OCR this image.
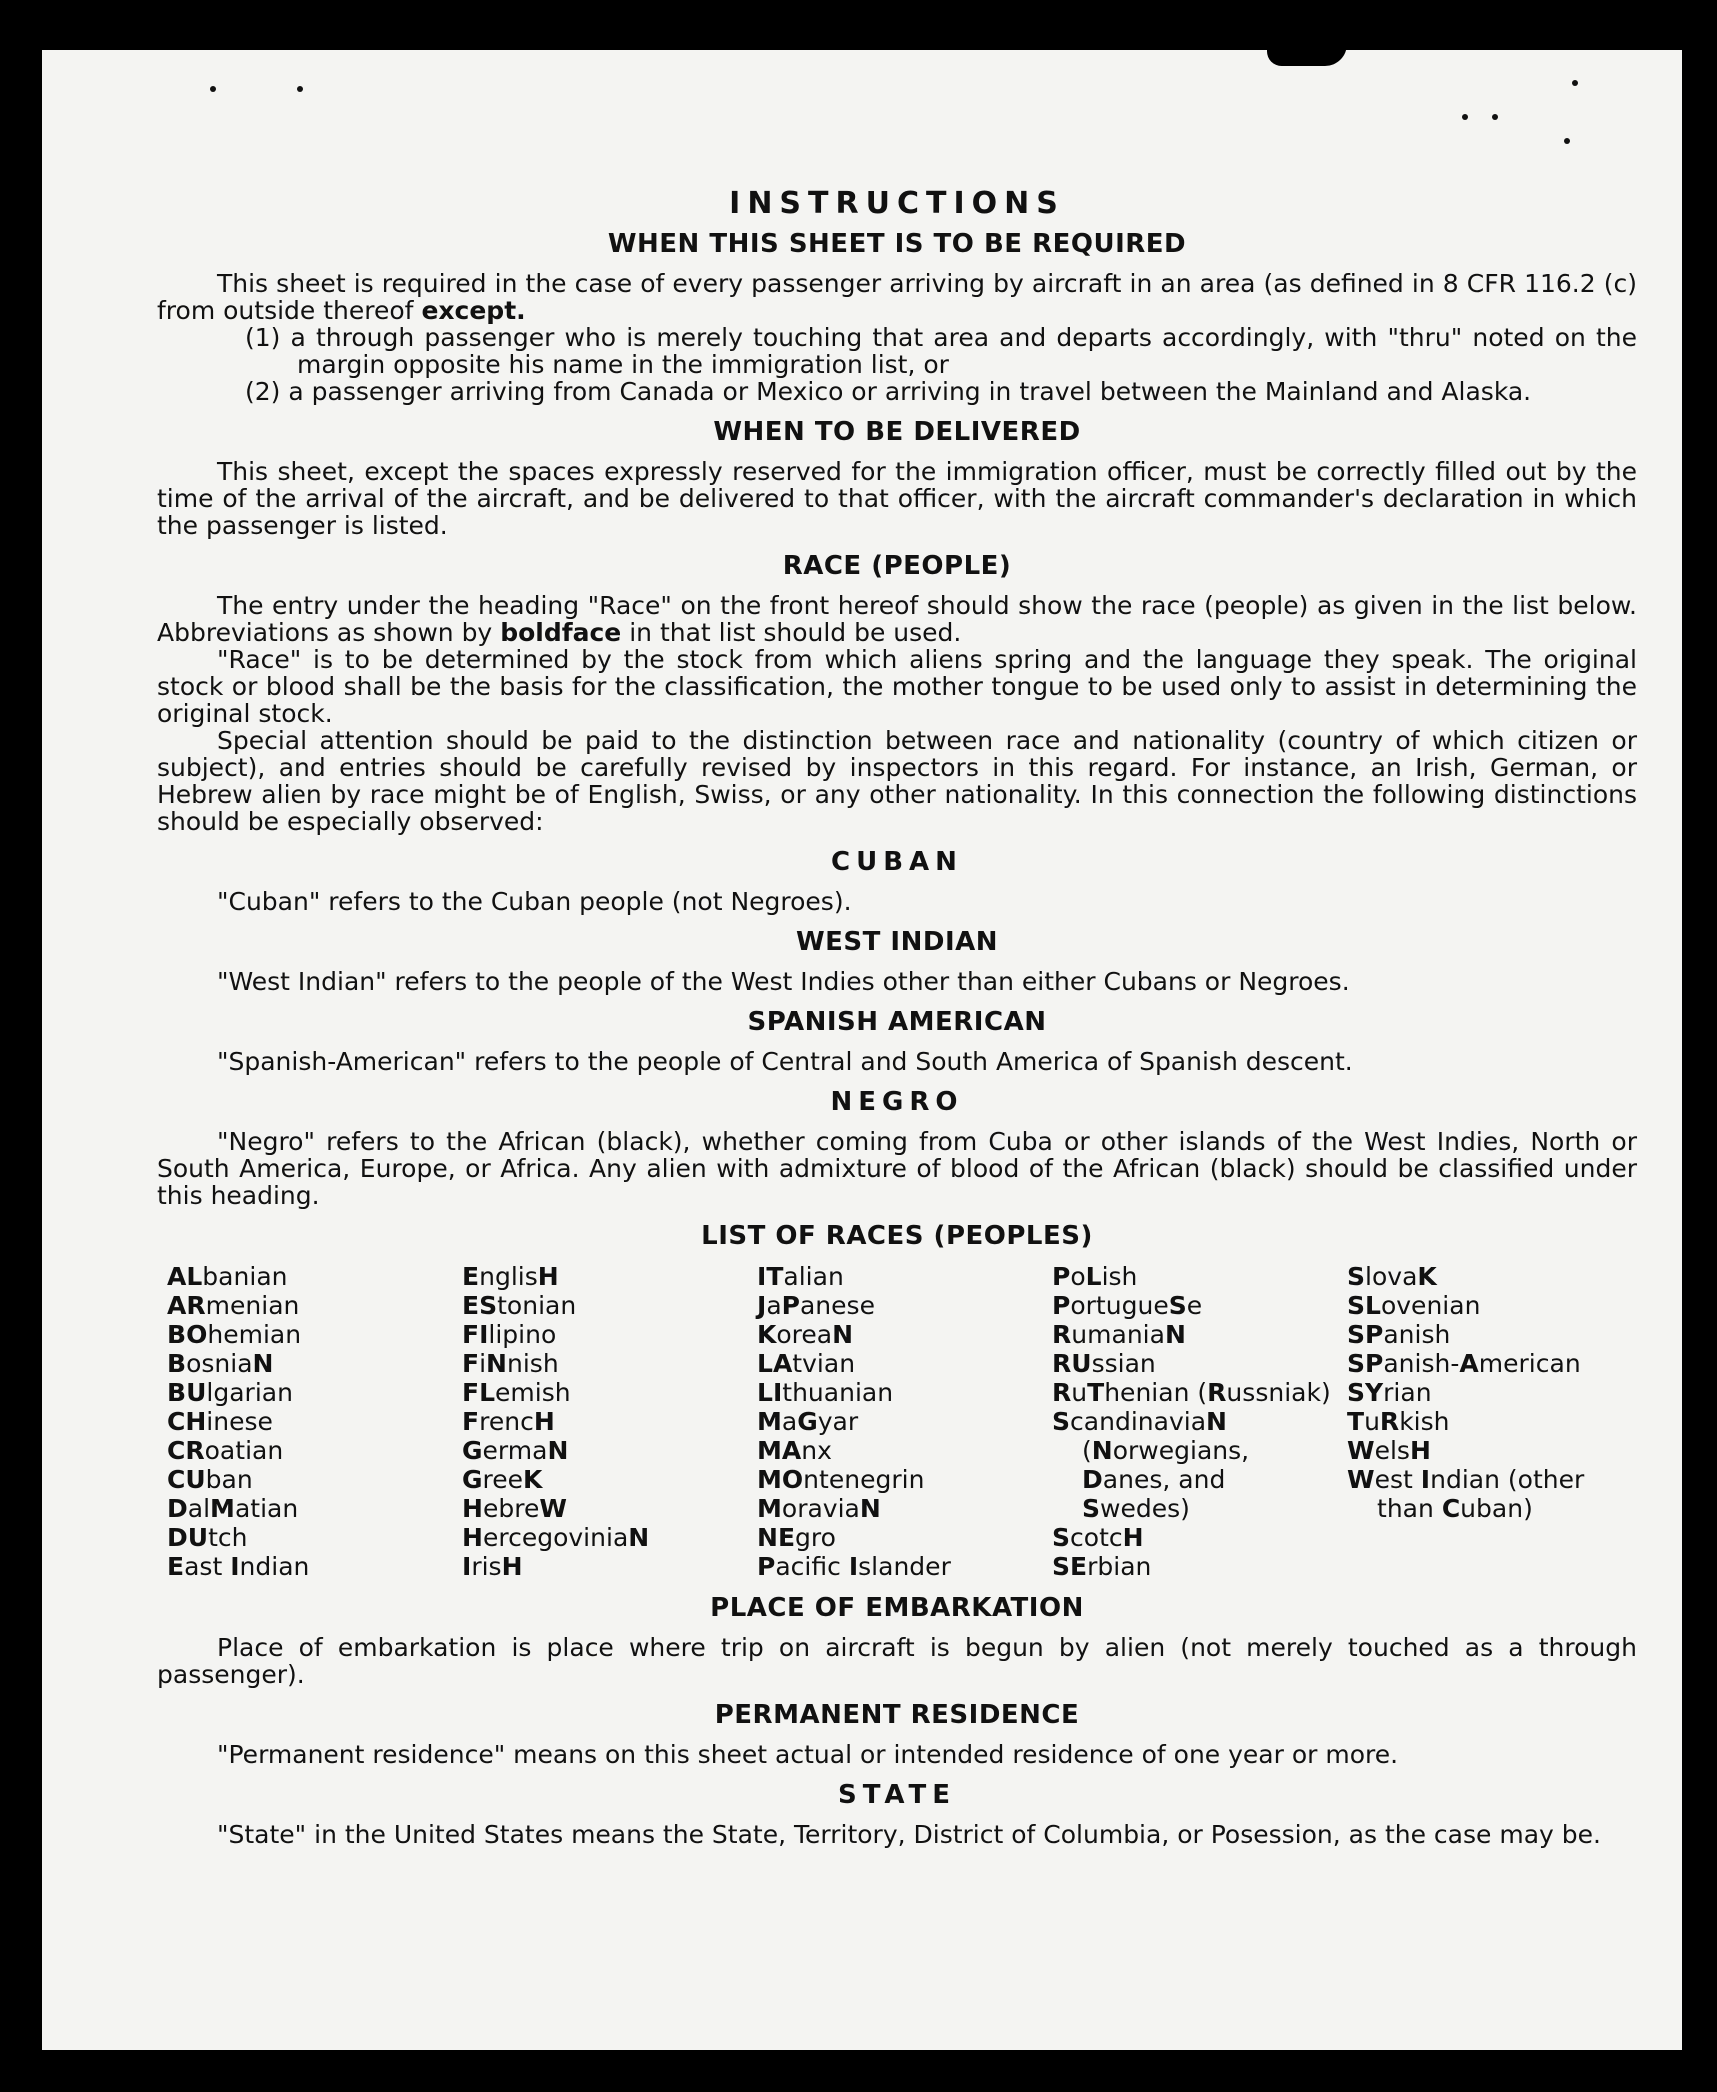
INSTRUCTIONS
WHEN THIS SHEET IS TO BE REQUIRED

This sheet is required in the case of every passenger arriving by aircraft in an area (as defined in 8 CFR 116.2 (c) from outside thereof except.

(1) a through passenger who is merely touching that area and departs accordingly, with "thru" noted on the margin opposite his name in the immigration list, or

(2) a passenger arriving from Canada or Mexico or arriving in travel between the Mainland and Alaska.

WHEN TO BE DELIVERED

This sheet, except the spaces expressly reserved for the immigration officer, must be correctly filled out by the time of the arrival of the aircraft, and be delivered to that officer, with the aircraft commander's declaration in which the passenger is listed.

RACE (PEOPLE)

The entry under the heading "Race" on the front hereof should show the race (people) as given in the list below. Abbreviations as shown by boldface in that list should be used.

"Race" is to be determined by the stock from which aliens spring and the language they speak. The original stock or blood shall be the basis for the classification, the mother tongue to be used only to assist in determining the original stock.

Special attention should be paid to the distinction between race and nationality (country of which citizen or subject), and entries should be carefully revised by inspectors in this regard. For instance, an Irish, German, or Hebrew alien by race might be of English, Swiss, or any other nationality. In this connection the following distinctions should be especially observed:

CUBAN

"Cuban" refers to the Cuban people (not Negroes).

WEST INDIAN

"West Indian" refers to the people of the West Indies other than either Cubans or Negroes.

SPANISH AMERICAN

"Spanish-American" refers to the people of Central and South America of Spanish descent.

NEGRO

"Negro" refers to the African (black), whether coming from Cuba or other islands of the West Indies, North or South America, Europe, or Africa. Any alien with admixture of blood of the African (black) should be classified under this heading.

LIST OF RACES (PEOPLES)
ALbanian
ARmenian
BOhemian
BosniaN
BUlgarian
CHinese
CRoatian
CUban
DalMatian
DUtch
East Indian
EnglisH
EStonian
FIlipino
FiNnish
FLemish
FrencH
GermaN
GreeK
HebreW
HercegoviniaN
IrisH
ITalian
JaPanese
KoreaN
LAtvian
LIthuanian
MaGyar
MAnx
MOntenegrin
MoraviaN
NEgro
Pacifc Islander
PoLish
PortugueSe
RumaniaN
RUssian
RuThenian (Russniak)
ScandinaviaN
(Norwegians,
Danes, and
Swedes)
ScotcH
SErbian
SlovaK
SLovenian
SPanish
SPanish-American
SYrian
TuRkish
WelsH
West Indian (other
than Cuban)
PLACE OF EMBARKATION

Place of embarkation is place where trip on aircraft is begun by alien (not merely touched as a through passenger).

PERMANENT RESIDENCE

"Permanent residence" means on this sheet actual or intended residence of one year or more.

STATE

"State" in the United States means the State, Territory, District of Columbia, or Posession, as the case may be.
